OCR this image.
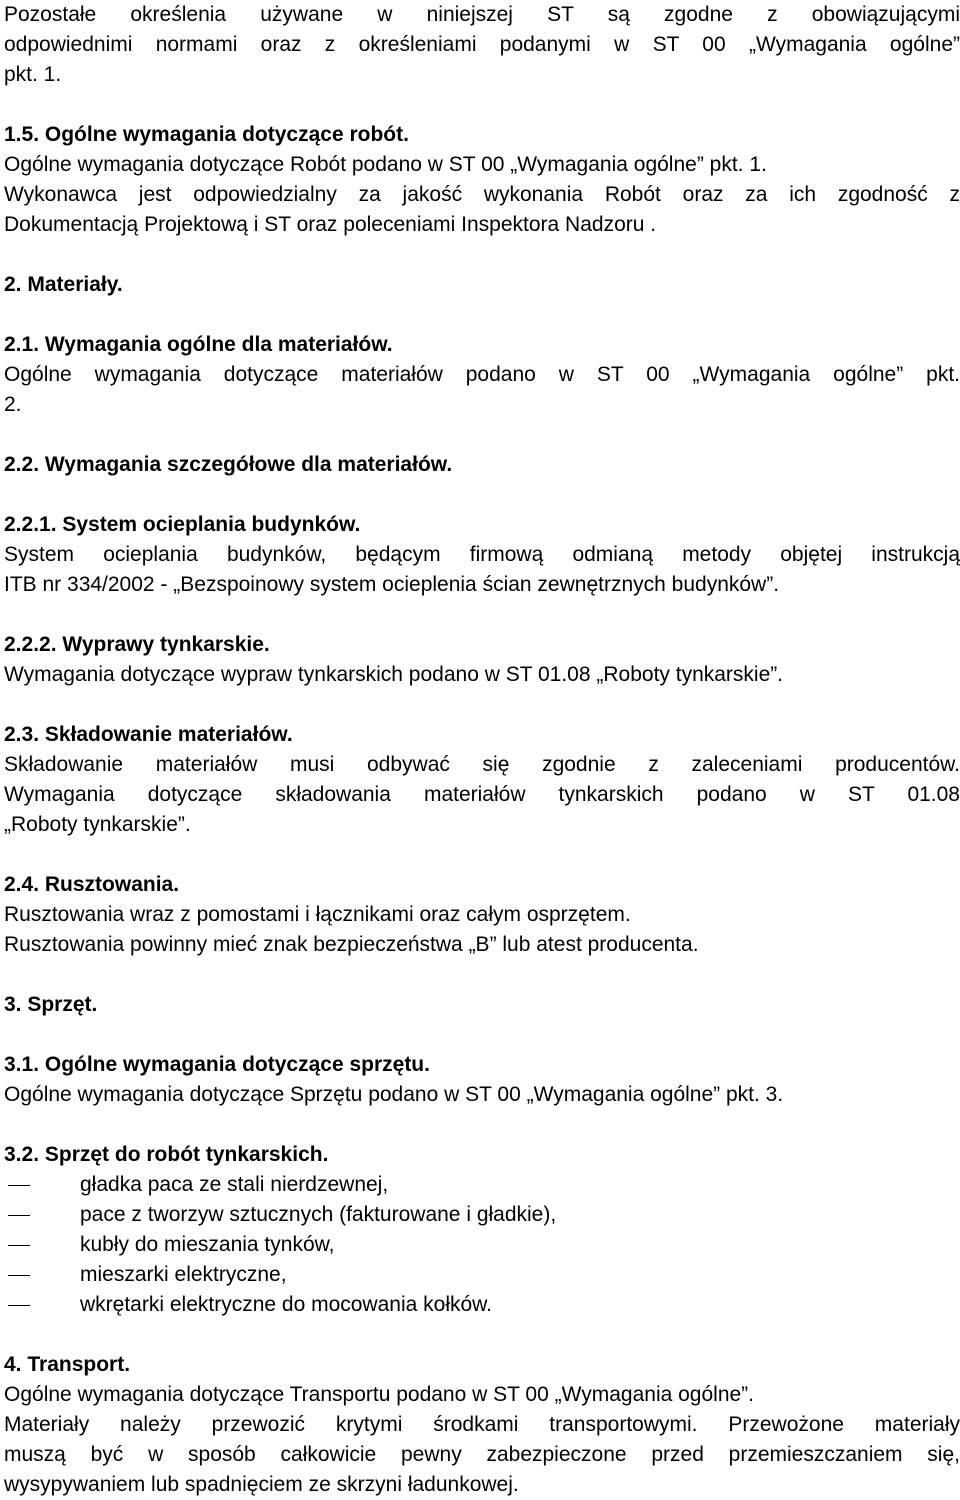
Pozostałe określenia używane w niniejszej ST są zgodne z obowiązującymi

odpowiednimi normami oraz z określeniami podanymi w ST 00 „Wymagania ogólne”

pkt. 1.

1.5. Ogólne wymagania dotyczące robót.

Ogólne wymagania dotyczące Robót podano w ST 00 „Wymagania ogólne” pkt. 1.

Wykonawca jest odpowiedzialny za jakość wykonania Robót oraz za ich zgodność z

Dokumentacją Projektową i ST oraz poleceniami Inspektora Nadzoru .

2. Materiały.

2.1. Wymagania ogólne dla materiałów.

Ogólne wymagania dotyczące materiałów podano w ST 00 „Wymagania ogólne” pkt.

2.

2.2. Wymagania szczegółowe dla materiałów.

2.2.1. System ocieplania budynków.

System ocieplania budynków, będącym firmową odmianą metody objętej instrukcją

ITB nr 334/2002 - „Bezspoinowy system ocieplenia ścian zewnętrznych budynków”.

2.2.2. Wyprawy tynkarskie.

Wymagania dotyczące wypraw tynkarskich podano w ST 01.08 „Roboty tynkarskie”.

2.3. Składowanie materiałów.

Składowanie materiałów musi odbywać się zgodnie z zaleceniami producentów.

Wymagania dotyczące składowania materiałów tynkarskich podano w ST 01.08

„Roboty tynkarskie”.

2.4. Rusztowania.

Rusztowania wraz z pomostami i łącznikami oraz całym osprzętem.

Rusztowania powinny mieć znak bezpieczeństwa „B” lub atest producenta.

3. Sprzęt.

3.1. Ogólne wymagania dotyczące sprzętu.

Ogólne wymagania dotyczące Sprzętu podano w ST 00 „Wymagania ogólne” pkt. 3.

3.2. Sprzęt do robót tynkarskich.

gładka paca ze stali nierdzewnej,
pace z tworzyw sztucznych (fakturowane i gładkie),
kubły do mieszania tynków,
mieszarki elektryczne,
wkrętarki elektryczne do mocowania kołków.

4. Transport.

Ogólne wymagania dotyczące Transportu podano w ST 00 „Wymagania ogólne”.

Materiały należy przewozić krytymi środkami transportowymi. Przewożone materiały

muszą być w sposób całkowicie pewny zabezpieczone przed przemieszczaniem się,

wysypywaniem lub spadnięciem ze skrzyni ładunkowej.
